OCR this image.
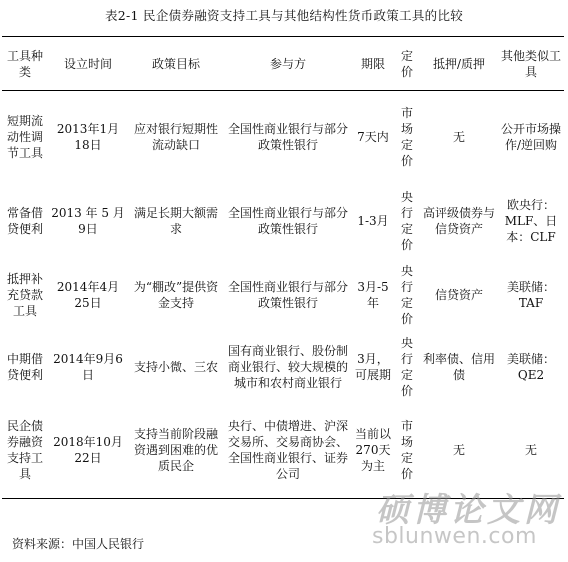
表2-1 民企债券融资支持工具与其他结构性货币政策工具的比较
工具种类	设立时间	政策目标	参与方	期限	定价	抵押/质押	其他类似工具
短期流动性调节工具	2013年1月18日	应对银行短期性流动缺口	全国性商业银行与部分政策性银行	7天内	市场定价	无	公开市场操作/逆回购
常备借贷便利	2013 年 5 月9日	满足长期大额需求	全国性商业银行与部分政策性银行	1-3月	央行定价	高评级债券与信贷资产	欧央行：MLF、日本：CLF
抵押补充贷款工具	2014年4月25日	为“棚改”提供资金支持	全国性商业银行与部分政策性银行	3月-5年	央行定价	信贷资产	美联储：TAF
中期借贷便利	2014年9月6日	支持小微、三农	国有商业银行、股份制商业银行、较大规模的城市和农村商业银行	3月，可展期	央行定价	利率债、信用债	美联储：QE2
民企债券融资支持工具	2018年10月22日	支持当前阶段融资遇到困难的优质民企	央行、中债增进、沪深交易所、交易商协会、全国性商业银行、证券公司	当前以270天为主	市场定价	无	无
资料来源：中国人民银行
硕博论文网
sblunwen.com
